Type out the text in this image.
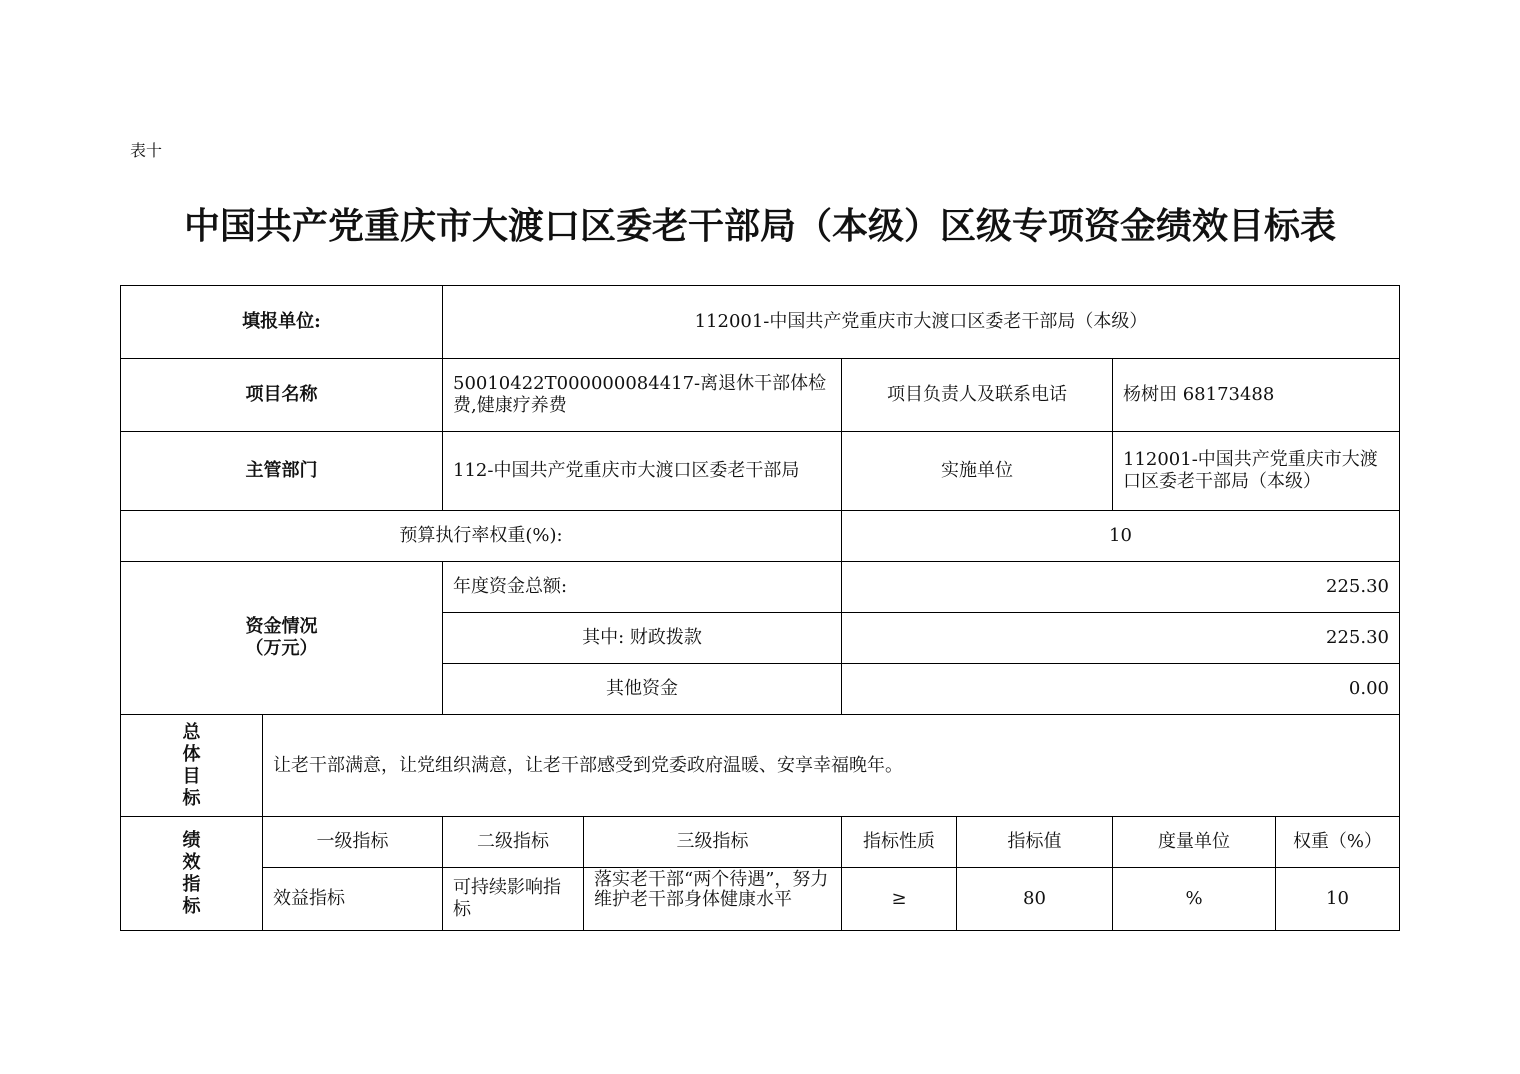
表十
中国共产党重庆市大渡口区委老干部局（本级）区级专项资金绩效目标表
填报单位:		112001-中国共产党重庆市大渡口区委老干部局（本级）					
项目名称		50010422T000000084417-离退休干部体检费,健康疗养费		项目负责人及联系电话		杨树田 68173488	
主管部门		112-中国共产党重庆市大渡口区委老干部局		实施单位		112001-中国共产党重庆市大渡口区委老干部局（本级）	
预算执行率权重(%):				10			

资金情况
（万元）		年度资金总额:		225.30			
		其中: 财政拨款		225.30			
		其他资金		0.00			

总
体
目
标	让老干部满意，让党组织满意，让老干部感受到党委政府温暖、安享幸福晚年。						

绩
效
指
标	一级指标	二级指标	三级指标	指标性质	指标值	度量单位	权重（%）
	效益指标	可持续影响指标	落实老干部“两个待遇”，努力维护老干部身体健康水平	≥	80	%	10
